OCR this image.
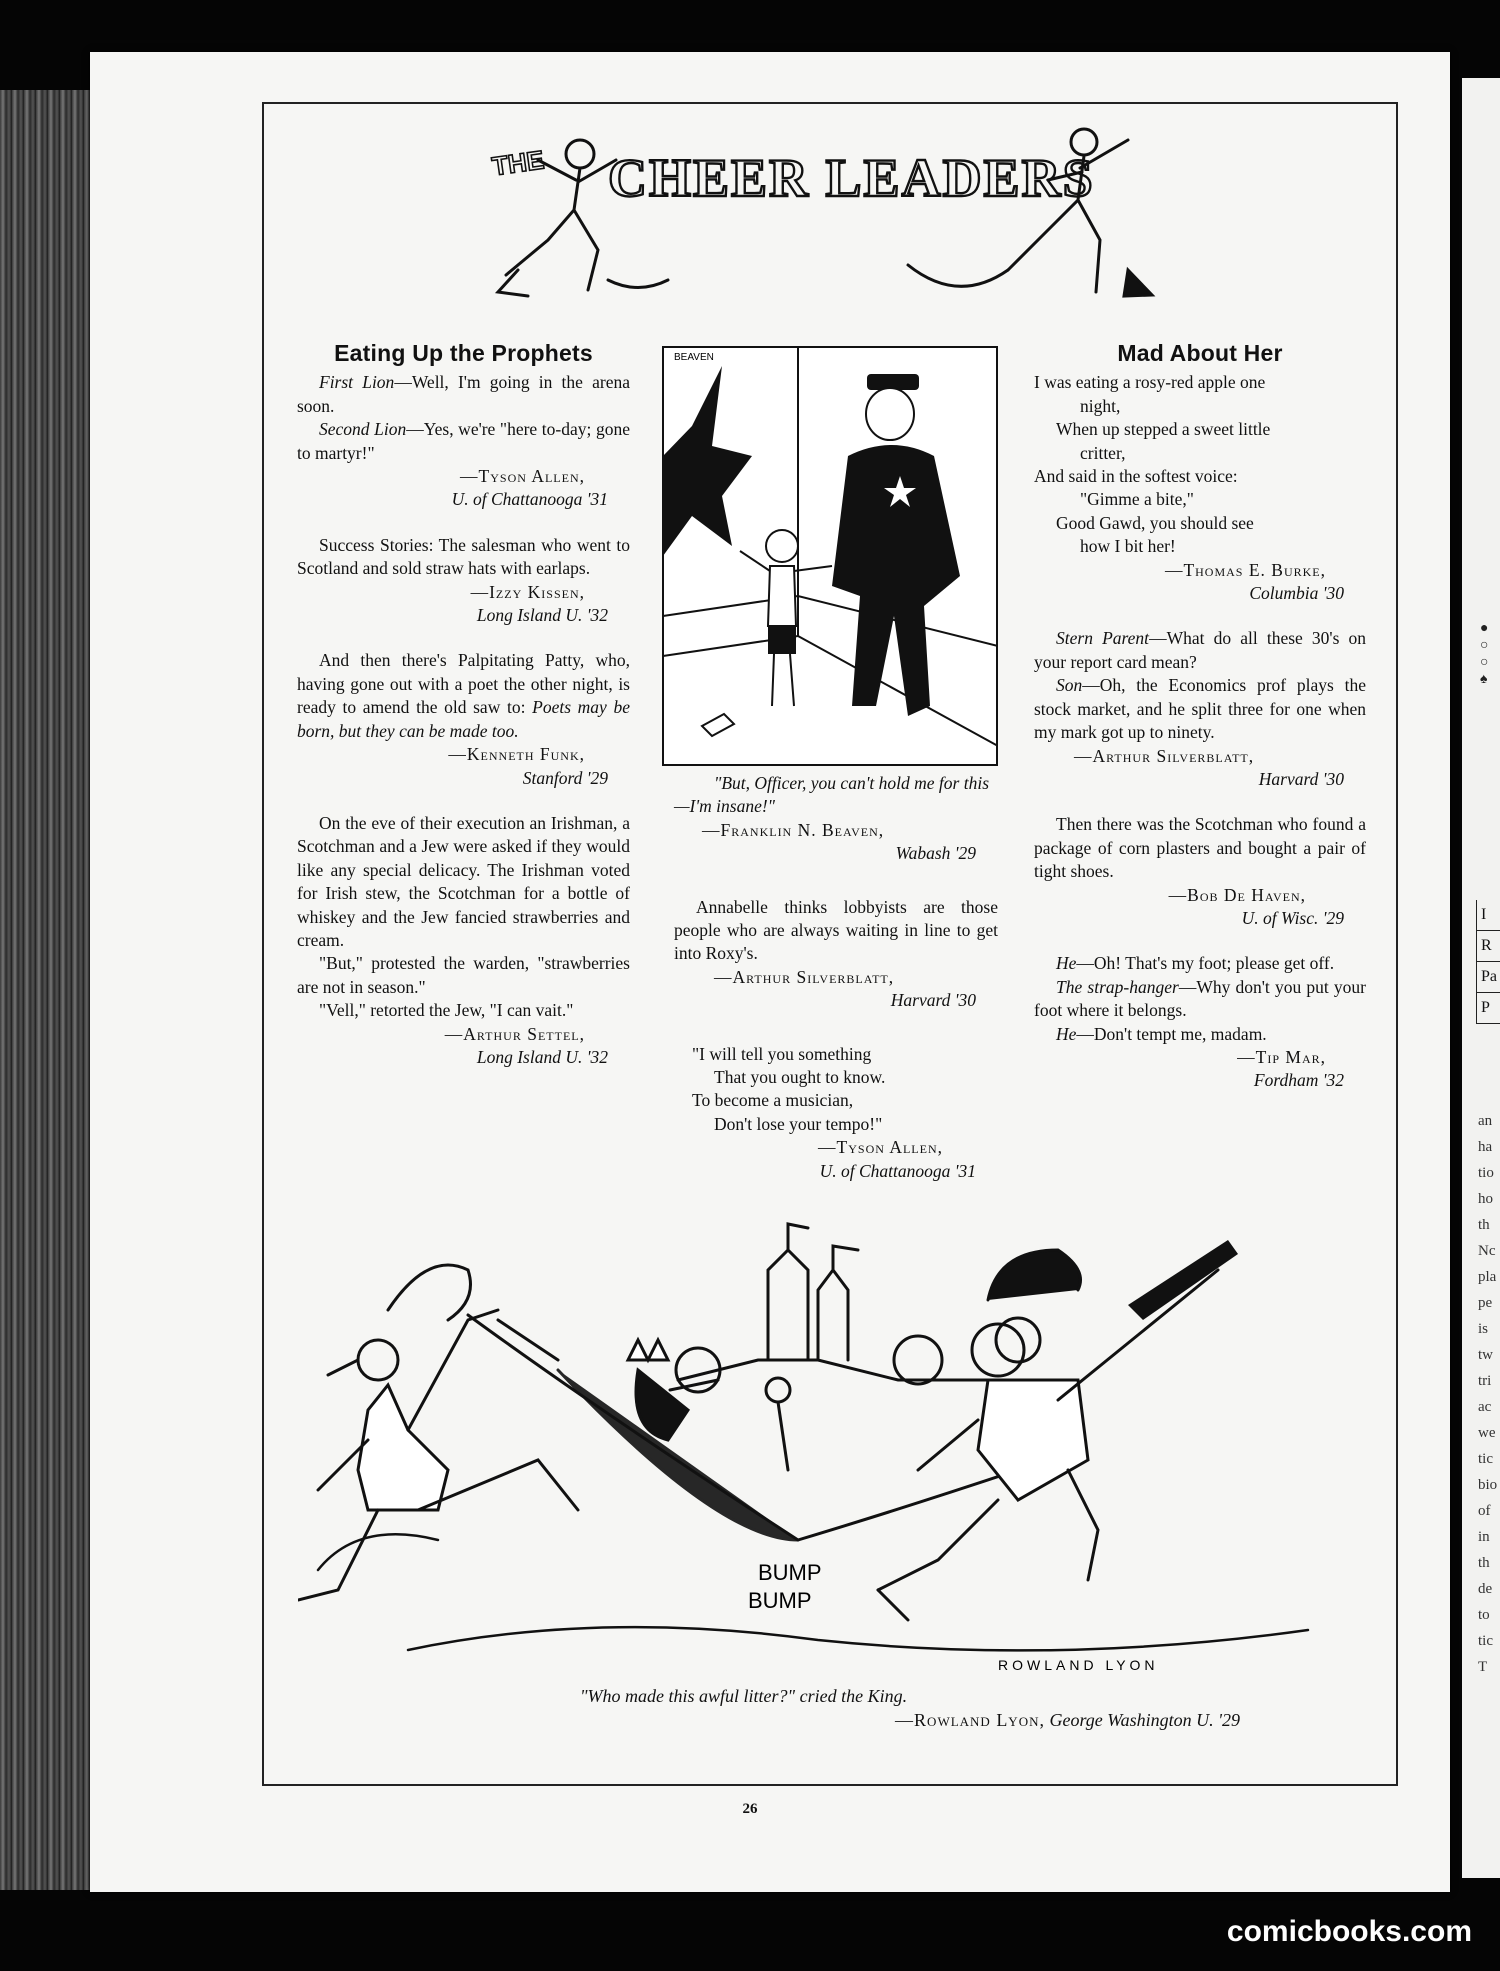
●
○
○
♠
I
R
Pa
P
an
ha
tio
ho
th
Nc
pla
pe
is
tw
tri
ac
we
tic
bio
of
in
th
de
to
tic
T
THE CHEER LEADERS
Eating Up the Prophets

First Lion—Well, I'm going in the arena soon.

Second Lion—Yes, we're "here to-day; gone to martyr!"

—Tyson Allen,

U. of Chattanooga '31

Success Stories: The salesman who went to Scotland and sold straw hats with earlaps.

—Izzy Kissen,

Long Island U. '32

And then there's Palpitating Patty, who, having gone out with a poet the other night, is ready to amend the old saw to: Poets may be born, but they can be made too.

—Kenneth Funk,

Stanford '29

On the eve of their execution an Irishman, a Scotchman and a Jew were asked if they would like any special delicacy. The Irishman voted for Irish stew, the Scotchman for a bottle of whiskey and the Jew fancied strawberries and cream.

"But," protested the warden, "strawberries are not in season."

"Vell," retorted the Jew, "I can vait."

—Arthur Settel,

Long Island U. '32

BEAVEN

"But, Officer, you can't hold me for this—I'm insane!"

—Franklin N. Beaven,

Wabash '29

Annabelle thinks lobbyists are those people who are always waiting in line to get into Roxy's.

—Arthur Silverblatt,

Harvard '30

"I will tell you something

That you ought to know.

To become a musician,

Don't lose your tempo!"

—Tyson Allen,

U. of Chattanooga '31

Mad About Her

I was eating a rosy-red apple one

night,

When up stepped a sweet little

critter,

And said in the softest voice:

"Gimme a bite,"

Good Gawd, you should see

how I bit her!

—Thomas E. Burke,

Columbia '30

Stern Parent—What do all these 30's on your report card mean?

Son—Oh, the Economics prof plays the stock market, and he split three for one when my mark got up to ninety.

—Arthur Silverblatt,

Harvard '30

Then there was the Scotchman who found a package of corn plasters and bought a pair of tight shoes.

—Bob De Haven,

U. of Wisc. '29

He—Oh! That's my foot; please get off.

The strap-hanger—Why don't you put your foot where it belongs.

He—Don't tempt me, madam.

—Tip Mar,

Fordham '32

BUMP
BUMP
ROWLAND LYON

"Who made this awful litter?" cried the King.

—Rowland Lyon, George Washington U. '29

26
comicbooks.com
